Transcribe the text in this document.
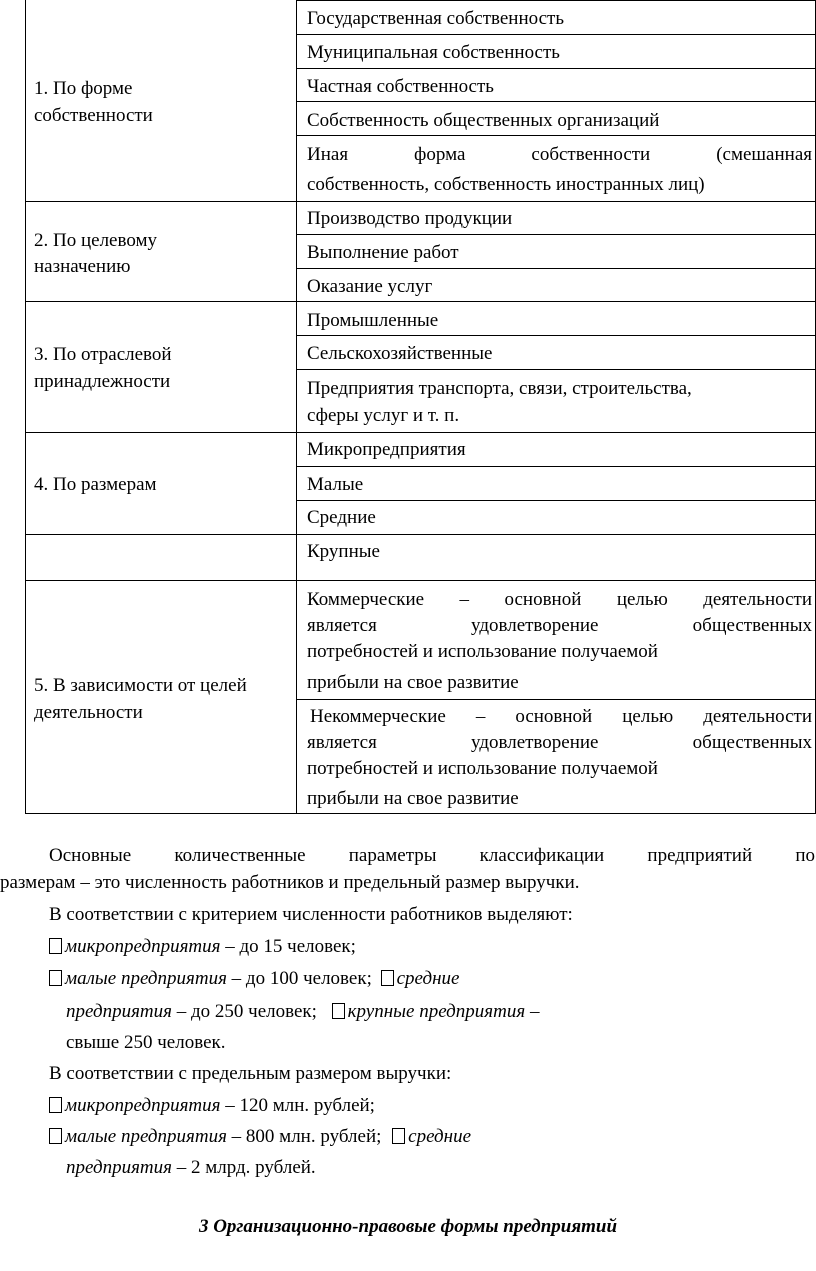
1. По форме
собственности
2. По целевому
назначению
3. По отраслевой
принадлежности
4. По размерам
5. В зависимости от целей
деятельности
Государственная собственность
Муниципальная собственность
Частная собственность
Собственность общественных организаций
Иная форма собственности (смешанная
собственность, собственность иностранных лиц)
Производство продукции
Выполнение работ
Оказание услуг
Промышленные
Сельскохозяйственные
Предприятия транспорта, связи, строительства,
сферы услуг и т. п.
Микропредприятия
Малые
Средние
Крупные
Коммерческие – основной целью деятельности
является удовлетворение общественных
потребностей и использование получаемой
прибыли на свое развитие
Некоммерческие – основной целью деятельности
является удовлетворение общественных
потребностей и использование получаемой
прибыли на свое развитие
Основные количественные параметры классификации предприятий по
размерам – это численность работников и предельный размер выручки.
В соответствии с критерием численности работников выделяют:
микропредприятия – до 15 человек;
малые предприятия – до 100 человек; средние
предприятия – до 250 человек; крупные предприятия –
свыше 250 человек.
В соответствии с предельным размером выручки:
микропредприятия – 120 млн. рублей;
малые предприятия – 800 млн. рублей; средние
предприятия – 2 млрд. рублей.
3 Организационно-правовые формы предприятий
